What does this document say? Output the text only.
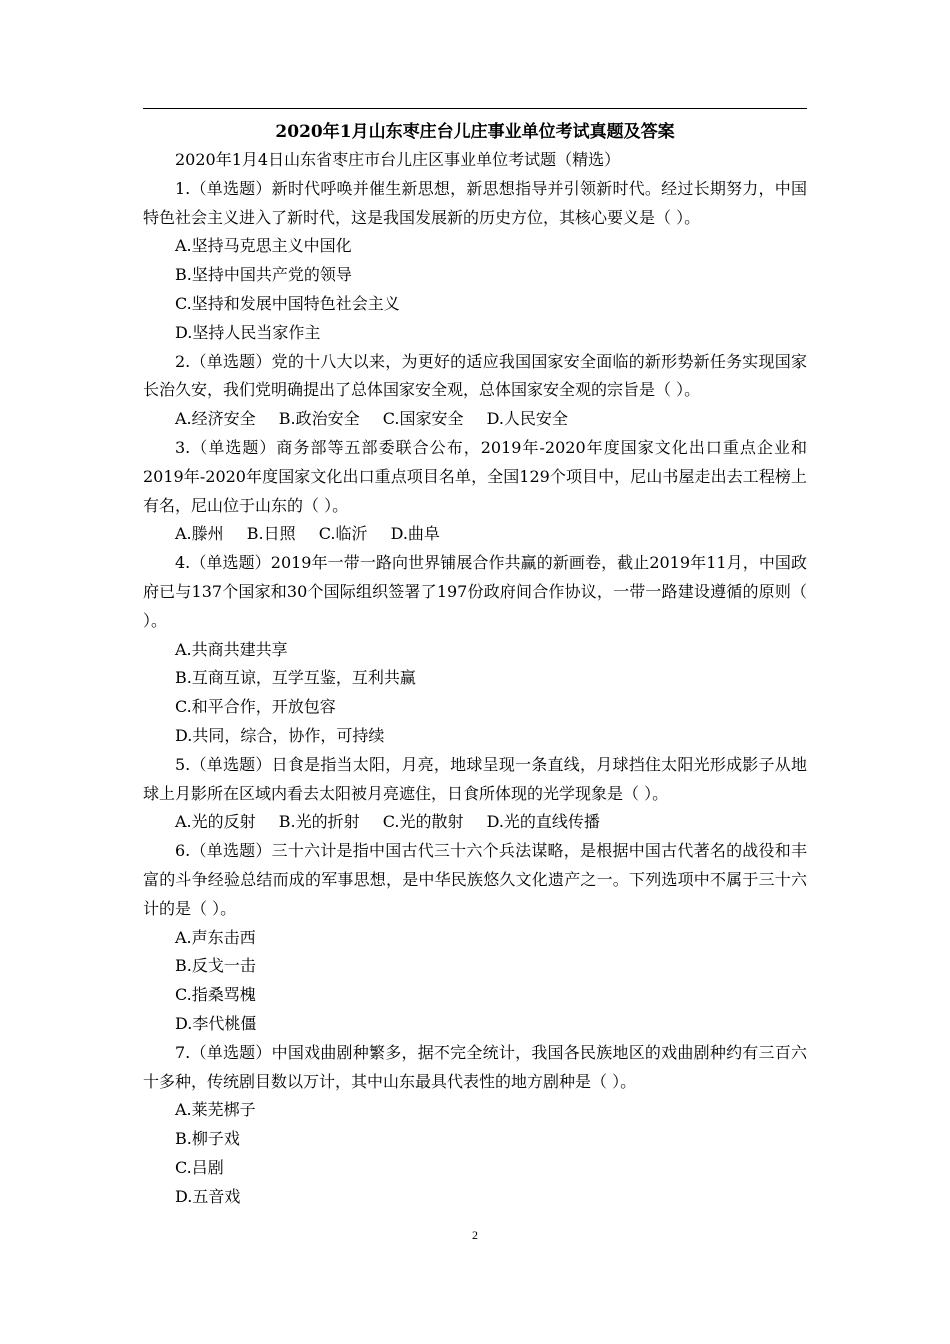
2020年1月山东枣庄台儿庄事业单位考试真题及答案

2020年1月4日山东省枣庄市台儿庄区事业单位考试题（精选）

1.（单选题）新时代呼唤并催生新思想，新思想指导并引领新时代。经过长期努力，中国特色社会主义进入了新时代，这是我国发展新的历史方位，其核心要义是（ ）。

A.坚持马克思主义中国化

B.坚持中国共产党的领导

C.坚持和发展中国特色社会主义

D.坚持人民当家作主

2.（单选题）党的十八大以来，为更好的适应我国国家安全面临的新形势新任务实现国家长治久安，我们党明确提出了总体国家安全观，总体国家安全观的宗旨是（ ）。

A.经济安全 B.政治安全 C.国家安全 D.人民安全

3.（单选题）商务部等五部委联合公布，2019年-2020年度国家文化出口重点企业和2019年-2020年度国家文化出口重点项目名单，全国129个项目中，尼山书屋走出去工程榜上有名，尼山位于山东的（ ）。

A.滕州 B.日照 C.临沂 D.曲阜

4.（单选题）2019年一带一路向世界铺展合作共赢的新画卷，截止2019年11月，中国政府已与137个国家和30个国际组织签署了197份政府间合作协议，一带一路建设遵循的原则（ ）。

A.共商共建共享

B.互商互谅，互学互鉴，互利共赢

C.和平合作，开放包容

D.共同，综合，协作，可持续

5.（单选题）日食是指当太阳，月亮，地球呈现一条直线，月球挡住太阳光形成影子从地球上月影所在区域内看去太阳被月亮遮住，日食所体现的光学现象是（ ）。

A.光的反射 B.光的折射 C.光的散射 D.光的直线传播

6.（单选题）三十六计是指中国古代三十六个兵法谋略，是根据中国古代著名的战役和丰富的斗争经验总结而成的军事思想，是中华民族悠久文化遗产之一。下列选项中不属于三十六计的是（ ）。

A.声东击西

B.反戈一击

C.指桑骂槐

D.李代桃僵

7.（单选题）中国戏曲剧种繁多，据不完全统计，我国各民族地区的戏曲剧种约有三百六十多种，传统剧目数以万计，其中山东最具代表性的地方剧种是（ ）。

A.莱芜梆子

B.柳子戏

C.吕剧

D.五音戏

2
